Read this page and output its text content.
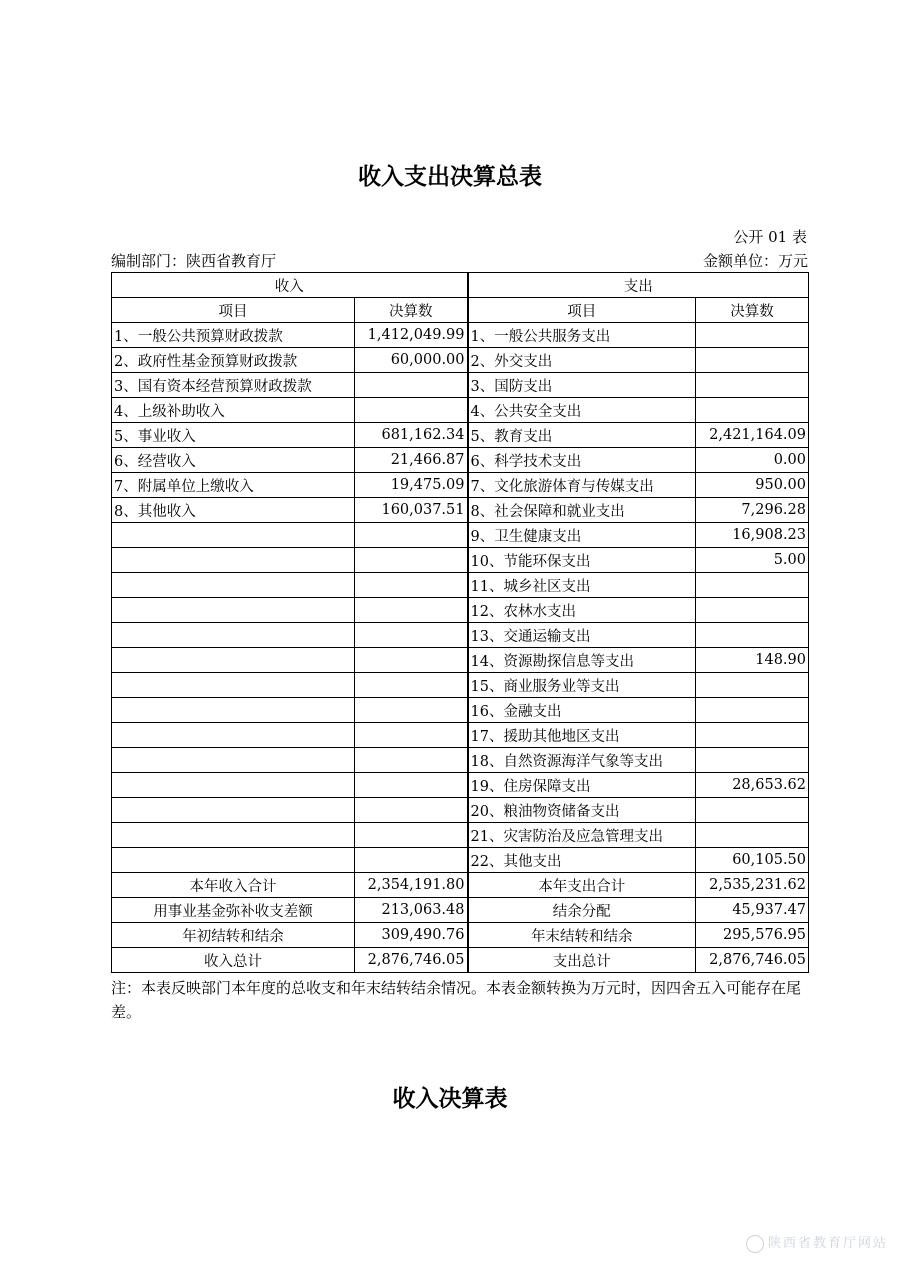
收入支出决算总表
公开 01 表
编制部门：陕西省教育厅	金额单位：万元
收入		支出	
项目	决算数	项目	决算数
1、一般公共预算财政拨款	1,412,049.99	1、一般公共服务支出	
2、政府性基金预算财政拨款	60,000.00	2、外交支出	
3、国有资本经营预算财政拨款		3、国防支出	
4、上级补助收入		4、公共安全支出	
5、事业收入	681,162.34	5、教育支出	2,421,164.09
6、经营收入	21,466.87	6、科学技术支出	0.00
7、附属单位上缴收入	19,475.09	7、文化旅游体育与传媒支出	950.00
8、其他收入	160,037.51	8、社会保障和就业支出	7,296.28
		9、卫生健康支出	16,908.23
		10、节能环保支出	5.00
		11、城乡社区支出	
		12、农林水支出	
		13、交通运输支出	
		14、资源勘探信息等支出	148.90
		15、商业服务业等支出	
		16、金融支出	
		17、援助其他地区支出	
		18、自然资源海洋气象等支出	
		19、住房保障支出	28,653.62
		20、粮油物资储备支出	
		21、灾害防治及应急管理支出	
		22、其他支出	60,105.50
本年收入合计	2,354,191.80	本年支出合计	2,535,231.62
用事业基金弥补收支差额	213,063.48	结余分配	45,937.47
年初结转和结余	309,490.76	年末结转和结余	295,576.95
收入总计	2,876,746.05	支出总计	2,876,746.05
注：本表反映部门本年度的总收支和年末结转结余情况。本表金额转换为万元时，因四舍五入可能存在尾差。
收入决算表
陕西省教育厅网站
